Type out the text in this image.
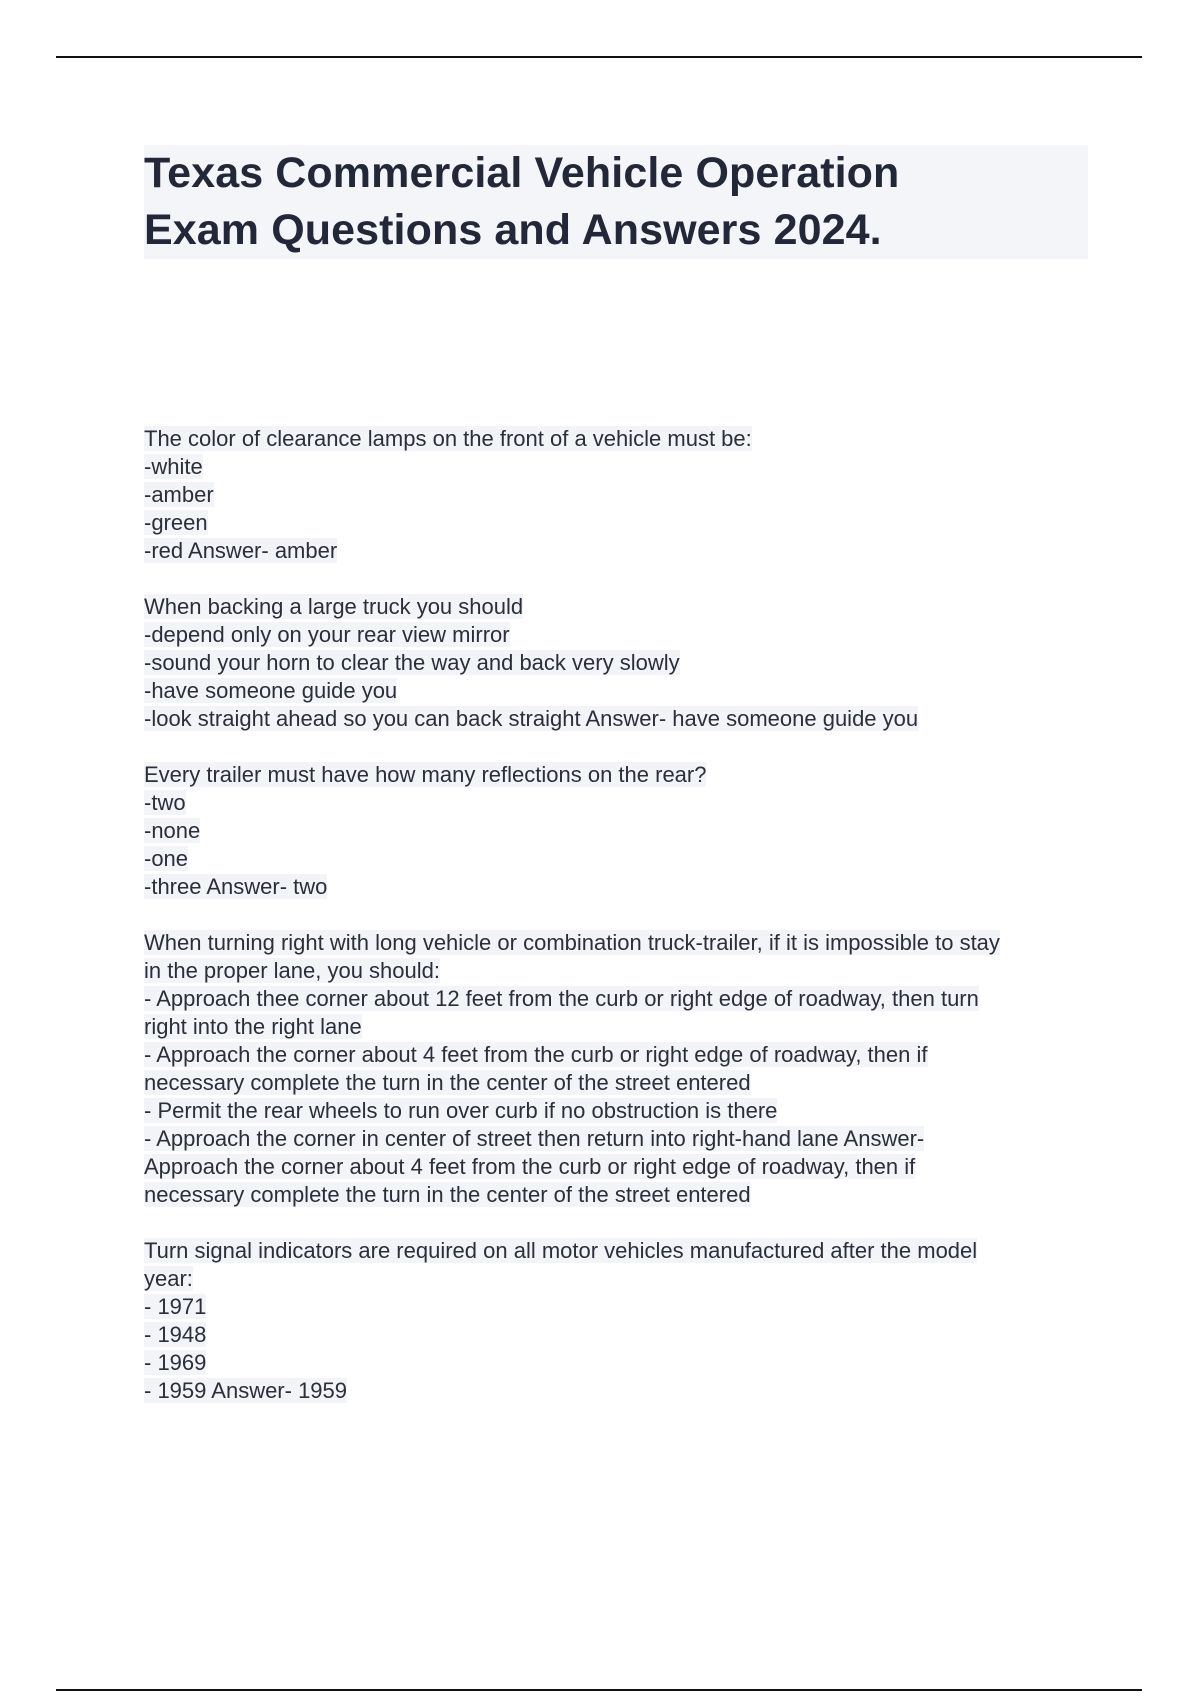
Texas Commercial Vehicle Operation
Exam Questions and Answers 2024.
The color of clearance lamps on the front of a vehicle must be:
-white
-amber
-green
-red Answer- amber
When backing a large truck you should
-depend only on your rear view mirror
-sound your horn to clear the way and back very slowly
-have someone guide you
-look straight ahead so you can back straight Answer- have someone guide you
Every trailer must have how many reflections on the rear?
-two
-none
-one
-three Answer- two
When turning right with long vehicle or combination truck-trailer, if it is impossible to stay
in the proper lane, you should:
- Approach thee corner about 12 feet from the curb or right edge of roadway, then turn
right into the right lane
- Approach the corner about 4 feet from the curb or right edge of roadway, then if
necessary complete the turn in the center of the street entered
- Permit the rear wheels to run over curb if no obstruction is there
- Approach the corner in center of street then return into right-hand lane Answer-
Approach the corner about 4 feet from the curb or right edge of roadway, then if
necessary complete the turn in the center of the street entered
Turn signal indicators are required on all motor vehicles manufactured after the model
year:
- 1971
- 1948
- 1969
- 1959 Answer- 1959
